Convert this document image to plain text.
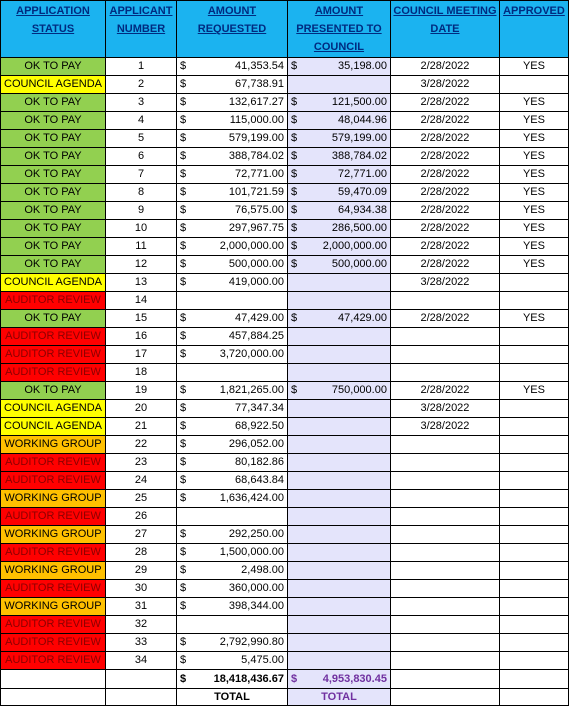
APPLICATION STATUS	APPLICANT NUMBER	AMOUNT REQUESTED	AMOUNT PRESENTED TO COUNCIL	COUNCIL MEETING DATE	APPROVED
OK TO PAY	1	$ 41,353.54	$ 35,198.00	2/28/2022	YES
COUNCIL AGENDA	2	$ 67,738.91		3/28/2022	
OK TO PAY	3	$ 132,617.27	$ 121,500.00	2/28/2022	YES
OK TO PAY	4	$ 115,000.00	$ 48,044.96	2/28/2022	YES
OK TO PAY	5	$ 579,199.00	$ 579,199.00	2/28/2022	YES
OK TO PAY	6	$ 388,784.02	$ 388,784.02	2/28/2022	YES
OK TO PAY	7	$ 72,771.00	$ 72,771.00	2/28/2022	YES
OK TO PAY	8	$ 101,721.59	$ 59,470.09	2/28/2022	YES
OK TO PAY	9	$ 76,575.00	$ 64,934.38	2/28/2022	YES
OK TO PAY	10	$ 297,967.75	$ 286,500.00	2/28/2022	YES
OK TO PAY	11	$ 2,000,000.00	$ 2,000,000.00	2/28/2022	YES
OK TO PAY	12	$ 500,000.00	$ 500,000.00	2/28/2022	YES
COUNCIL AGENDA	13	$ 419,000.00		3/28/2022	
AUDITOR REVIEW	14				
OK TO PAY	15	$ 47,429.00	$ 47,429.00	2/28/2022	YES
AUDITOR REVIEW	16	$ 457,884.25			

AUDITOR REVIEW	17	$ 3,720,000.00			

AUDITOR REVIEW	18				
OK TO PAY	19	$ 1,821,265.00	$ 750,000.00	2/28/2022	YES
COUNCIL AGENDA	20	$ 77,347.34		3/28/2022	
COUNCIL AGENDA	21	$ 68,922.50		3/28/2022	
WORKING GROUP	22	$ 296,052.00			

AUDITOR REVIEW	23	$ 80,182.86			

AUDITOR REVIEW	24	$ 68,643.84			

WORKING GROUP	25	$ 1,636,424.00			

AUDITOR REVIEW	26				
WORKING GROUP	27	$ 292,250.00			

AUDITOR REVIEW	28	$ 1,500,000.00			

WORKING GROUP	29	$ 2,498.00			

AUDITOR REVIEW	30	$ 360,000.00			

WORKING GROUP	31	$ 398,344.00			

AUDITOR REVIEW	32				
AUDITOR REVIEW	33	$ 2,792,990.80			

AUDITOR REVIEW	34	$ 5,475.00			

		$ 18,418,436.67	$ 4,953,830.45		

		TOTAL	TOTAL		
